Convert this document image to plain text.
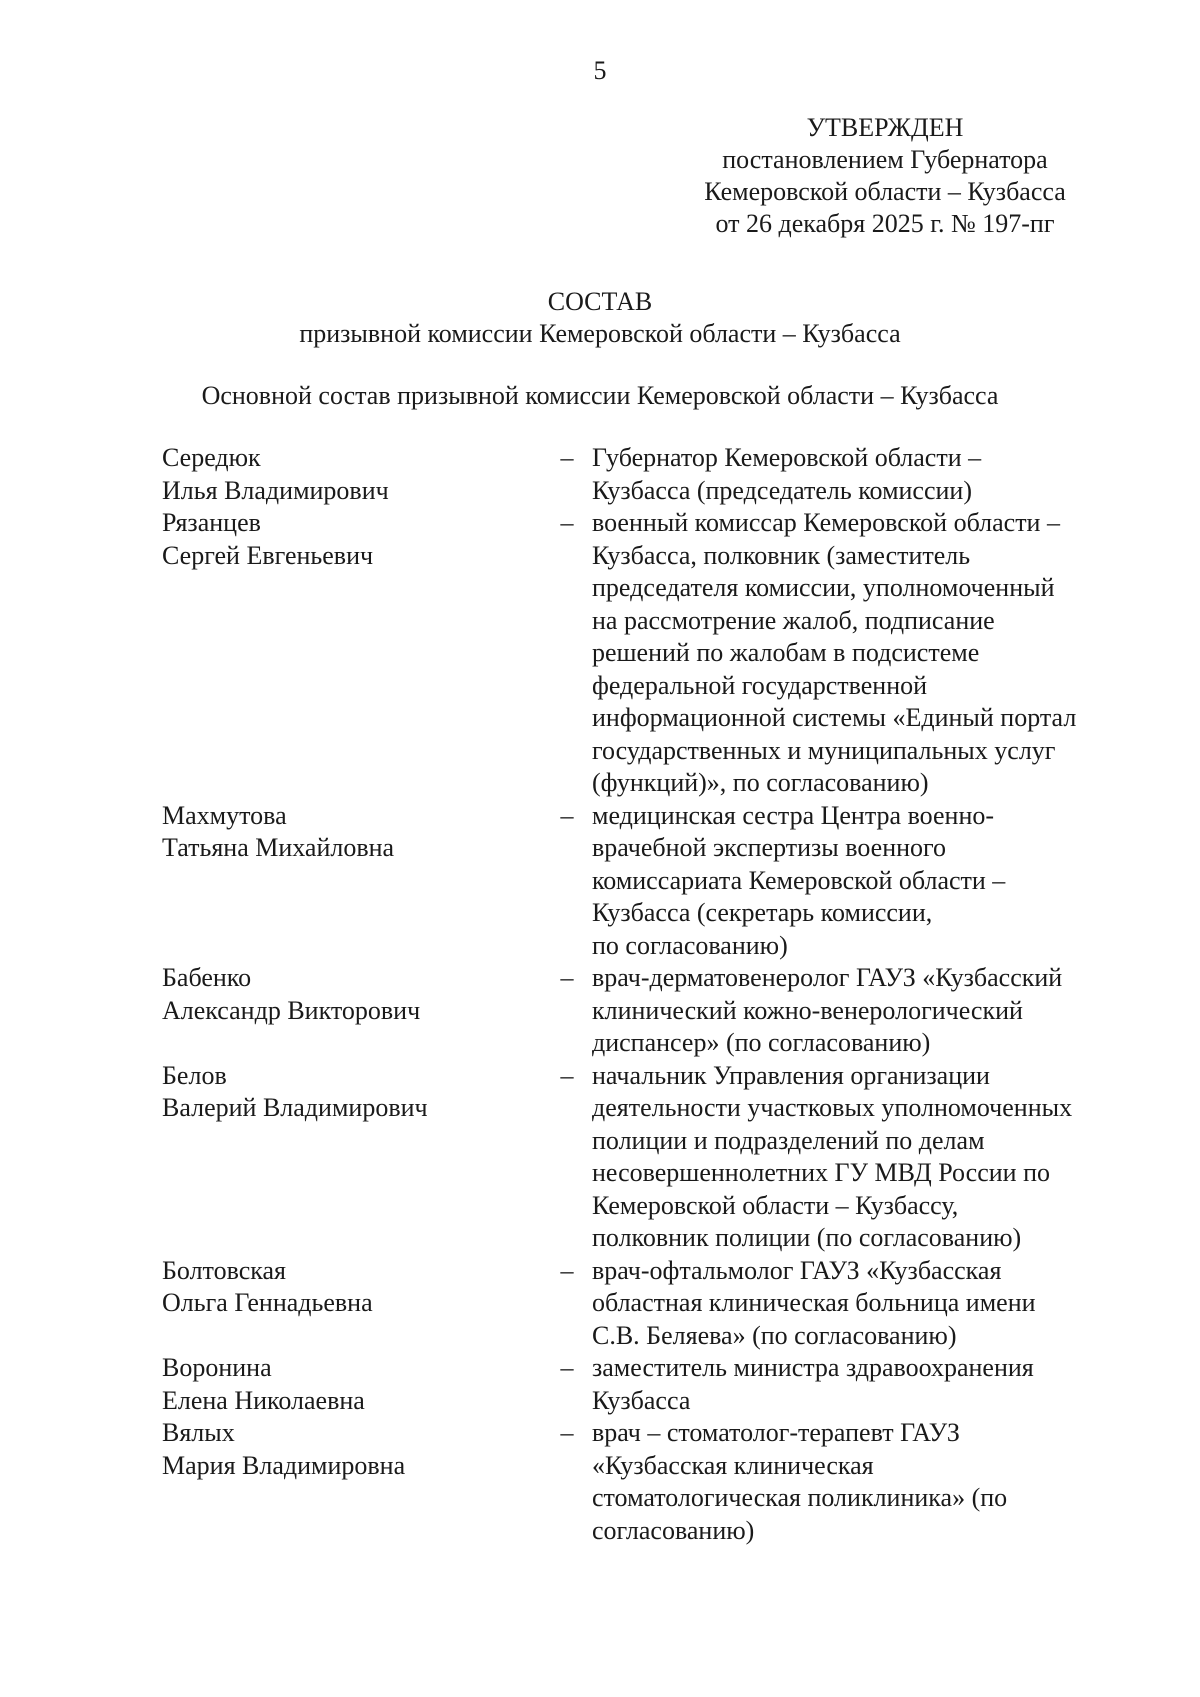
5
УТВЕРЖДЕН
постановлением Губернатора
Кемеровской области – Кузбасса
от 26 декабря 2025 г. № 197-пг
СОСТАВ
призывной комиссии Кемеровской области – Кузбасса
Основной состав призывной комиссии Кемеровской области – Кузбасса
Середюк
Илья Владимирович
– Губернатор Кемеровской области –
Кузбасса (председатель комиссии)
Рязанцев
Сергей Евгеньевич
– военный комиссар Кемеровской области –
Кузбасса, полковник (заместитель
председателя комиссии, уполномоченный
на рассмотрение жалоб, подписание
решений по жалобам в подсистеме
федеральной государственной
информационной системы «Единый портал
государственных и муниципальных услуг
(функций)», по согласованию)
Махмутова
Татьяна Михайловна
– медицинская сестра Центра военно-
врачебной экспертизы военного
комиссариата Кемеровской области –
Кузбасса (секретарь комиссии,
по согласованию)
Бабенко
Александр Викторович
– врач-дерматовенеролог ГАУЗ «Кузбасский
клинический кожно-венерологический
диспансер» (по согласованию)
Белов
Валерий Владимирович
– начальник Управления организации
деятельности участковых уполномоченных
полиции и подразделений по делам
несовершеннолетних ГУ МВД России по
Кемеровской области – Кузбассу,
полковник полиции (по согласованию)
Болтовская
Ольга Геннадьевна
– врач-офтальмолог ГАУЗ «Кузбасская
областная клиническая больница имени
С.В. Беляева» (по согласованию)
Воронина
Елена Николаевна
– заместитель министра здравоохранения
Кузбасса
Вялых
Мария Владимировна
– врач – стоматолог-терапевт ГАУЗ
«Кузбасская клиническая
стоматологическая поликлиника» (по
согласованию)
